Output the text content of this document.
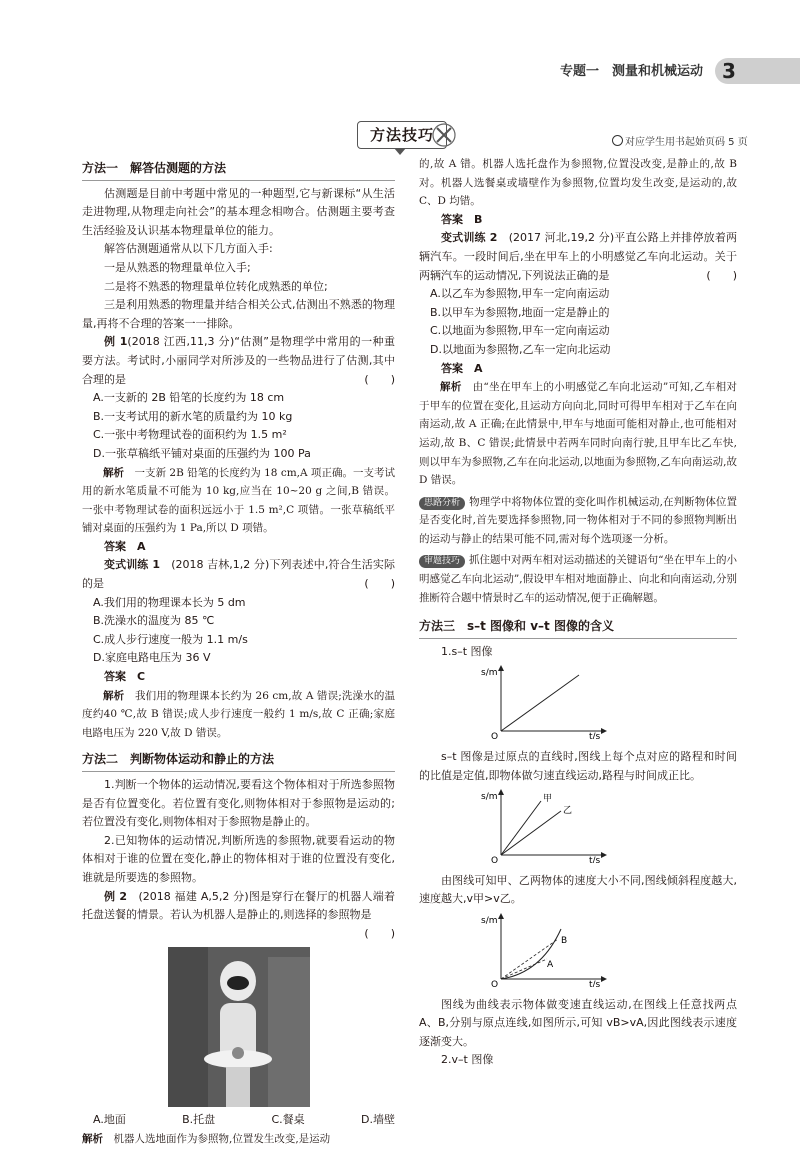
专题一　测量和机械运动 3
方法技巧	对应学生用书起始页码 5 页

方法一　解答估测题的方法

估测题是目前中考题中常见的一种题型,它与新课标“从生活走进物理,从物理走向社会”的基本理念相吻合。估测题主要考查生活经验及认识基本物理量单位的能力。

解答估测题通常从以下几方面入手:

一是从熟悉的物理量单位入手;

二是将不熟悉的物理量单位转化成熟悉的单位;

三是利用熟悉的物理量并结合相关公式,估测出不熟悉的物理量,再将不合理的答案一一排除。

例 1(2018 江西,11,3 分)“估测”是物理学中常用的一种重要方法。考试时,小丽同学对所涉及的一些物品进行了估测,其中合理的是	(　　)

A.一支新的 2B 铅笔的长度约为 18 cm

B.一支考试用的新水笔的质量约为 10 kg

C.一张中考物理试卷的面积约为 1.5 m²

D.一张草稿纸平铺对桌面的压强约为 100 Pa

解析　 一支新 2B 铅笔的长度约为 18 cm,A 项正确。一支考试用的新水笔质量不可能为 10 kg,应当在 10~20 g 之间,B 错误。一张中考物理试卷的面积远远小于 1.5 m²,C 项错。一张草稿纸平铺对桌面的压强约为 1 Pa,所以 D 项错。

答案　 A

变式训练 1　 (2018 吉林,1,2 分)下列表述中,符合生活实际的是	(　　)

A.我们用的物理课本长为 5 dm

B.洗澡水的温度为 85 ℃

C.成人步行速度一般为 1.1 m/s

D.家庭电路电压为 36 V

答案　 C

解析　 我们用的物理课本长约为 26 cm,故 A 错误;洗澡水的温度约40 ℃,故 B 错误;成人步行速度一般约 1 m/s,故 C 正确;家庭电路电压为 220 V,故 D 错误。

方法二　判断物体运动和静止的方法

1.判断一个物体的运动情况,要看这个物体相对于所选参照物是否有位置变化。若位置有变化,则物体相对于参照物是运动的;若位置没有变化,则物体相对于参照物是静止的。

2.已知物体的运动情况,判断所选的参照物,就要看运动的物体相对于谁的位置在变化,静止的物体相对于谁的位置没有变化,谁就是所要选的参照物。

例 2　 (2018 福建 A,5,2 分)图是穿行在餐厅的机器人端着托盘送餐的情景。若认为机器人是静止的,则选择的参照物是

(　　)

A.地面	B.托盘	C.餐桌	D.墙壁

解析　 机器人选地面作为参照物,位置发生改变,是运动

的,故 A 错。机器人选托盘作为参照物,位置没改变,是静止的,故 B 对。机器人选餐桌或墙壁作为参照物,位置均发生改变,是运动的,故 C、D 均错。

答案　 B

变式训练 2　 (2017 河北,19,2 分)平直公路上并排停放着两辆汽车。一段时间后,坐在甲车上的小明感觉乙车向北运动。关于两辆汽车的运动情况,下列说法正确的是	(　　)

A.以乙车为参照物,甲车一定向南运动

B.以甲车为参照物,地面一定是静止的

C.以地面为参照物,甲车一定向南运动

D.以地面为参照物,乙车一定向北运动

答案　 A

解析　 由“坐在甲车上的小明感觉乙车向北运动”可知,乙车相对于甲车的位置在变化,且运动方向向北,同时可得甲车相对于乙车在向南运动,故 A 正确;在此情景中,甲车与地面可能相对静止,也可能相对运动,故 B、C 错误;此情景中若两车同时向南行驶,且甲车比乙车快,则以甲车为参照物,乙车在向北运动,以地面为参照物,乙车向南运动,故 D 错误。

思路分析 物理学中将物体位置的变化叫作机械运动,在判断物体位置是否变化时,首先要选择参照物,同一物体相对于不同的参照物判断出的运动与静止的结果可能不同,需对每个选项逐一分析。

审题技巧 抓住题中对两车相对运动描述的关键语句“坐在甲车上的小明感觉乙车向北运动”,假设甲车相对地面静止、向北和向南运动,分别推断符合题中情景时乙车的运动情况,便于正确解题。

方法三　s–t 图像和 v–t 图像的含义

1.s–t 图像

s/m
O	t/s

s–t 图像是过原点的直线时,图线上每个点对应的路程和时间的比值是定值,即物体做匀速直线运动,路程与时间成正比。

甲
乙
s/m
O	t/s

由图线可知甲、乙两物体的速度大小不同,图线倾斜程度越大,速度越大,v甲>v乙。

A
B
s/m
O	t/s

图线为曲线表示物体做变速直线运动,在图线上任意找两点 A、B,分别与原点连线,如图所示,可知 vB>vA,因此图线表示速度逐渐变大。

2.v–t 图像
